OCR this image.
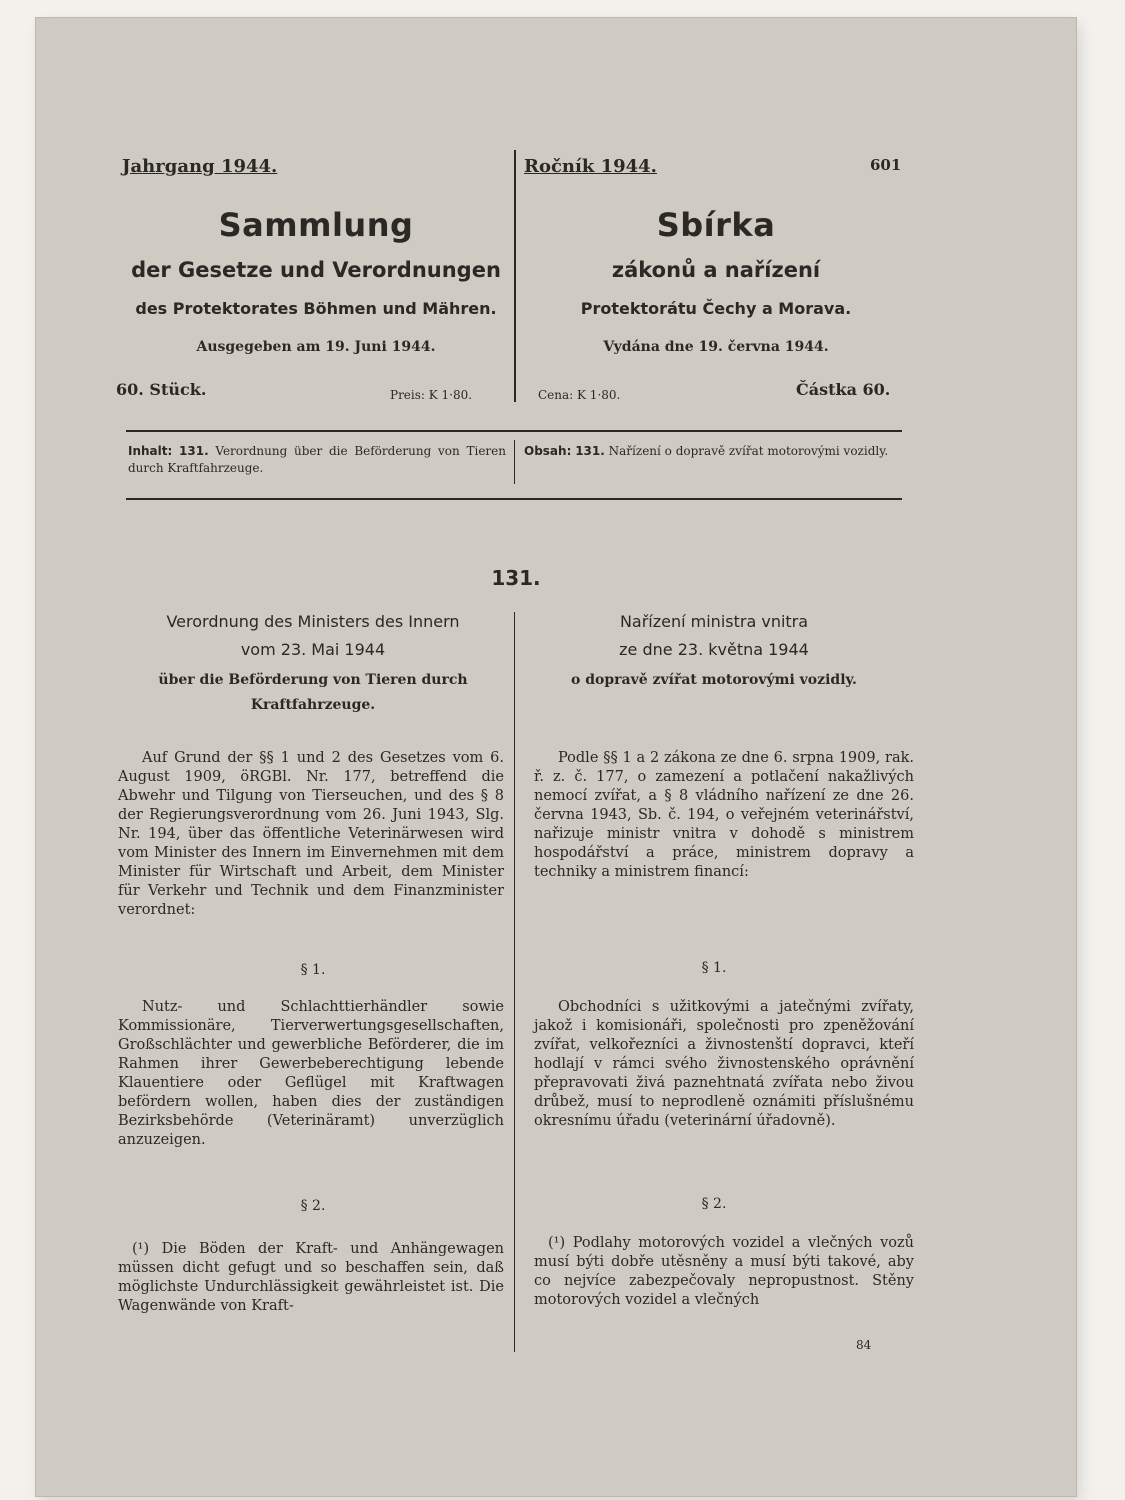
Jahrgang 1944.
Sammlung
der Gesetze und Verordnungen
des Protektorates Böhmen und Mähren.
Ausgegeben am 19. Juni 1944.
60. Stück.	Preis: K 1·80.
Ročník 1944.	601
Sbírka
zákonů a nařízení
Protektorátu Čechy a Morava.
Vydána dne 19. června 1944.
Cena: K 1·80.	Částka 60.
Inhalt: 131. Verordnung über die Beförderung von Tieren durch Kraftfahrzeuge.
Obsah: 131. Nařízení o dopravě zvířat motorovými vozidly.
131.
Verordnung des Ministers des Innern
vom 23. Mai 1944
über die Beförderung von Tieren durch
Kraftfahrzeuge.
Auf Grund der §§ 1 und 2 des Gesetzes vom 6. August 1909, öRGBl. Nr. 177, betreffend die Abwehr und Tilgung von Tierseuchen, und des § 8 der Regierungsverordnung vom 26. Juni 1943, Slg. Nr. 194, über das öffentliche Veterinärwesen wird vom Minister des Innern im Einvernehmen mit dem Minister für Wirtschaft und Arbeit, dem Minister für Verkehr und Technik und dem Finanzminister verordnet:
§ 1.
Nutz- und Schlachttierhändler sowie Kommissionäre, Tierverwertungsgesellschaften, Großschlächter und gewerbliche Beförderer, die im Rahmen ihrer Gewerbeberechtigung lebende Klauentiere oder Geflügel mit Kraftwagen befördern wollen, haben dies der zuständigen Bezirksbehörde (Veterinäramt) unverzüglich anzuzeigen.
§ 2.
(¹) Die Böden der Kraft- und Anhängewagen müssen dicht gefugt und so beschaffen sein, daß möglichste Undurchlässigkeit gewährleistet ist. Die Wagenwände von Kraft-
Nařízení ministra vnitra
ze dne 23. května 1944
o dopravě zvířat motorovými vozidly.
Podle §§ 1 a 2 zákona ze dne 6. srpna 1909, rak. ř. z. č. 177, o zamezení a potlačení nakažlivých nemocí zvířat, a § 8 vládního nařízení ze dne 26. června 1943, Sb. č. 194, o veřejném veterinářství, nařizuje ministr vnitra v dohodě s ministrem hospodářství a práce, ministrem dopravy a techniky a ministrem financí:
§ 1.
Obchodníci s užitkovými a jatečnými zvířaty, jakož i komisionáři, společnosti pro zpeněžování zvířat, velkořezníci a živnostenští dopravci, kteří hodlají v rámci svého živnostenského oprávnění přepravovati živá paznehtnatá zvířata nebo živou drůbež, musí to neprodleně oznámiti příslušnému okresnímu úřadu (veterinární úřadovně).
§ 2.
(¹) Podlahy motorových vozidel a vlečných vozů musí býti dobře utěsněny a musí býti takové, aby co nejvíce zabezpečovaly nepropustnost. Stěny motorových vozidel a vlečných
84
